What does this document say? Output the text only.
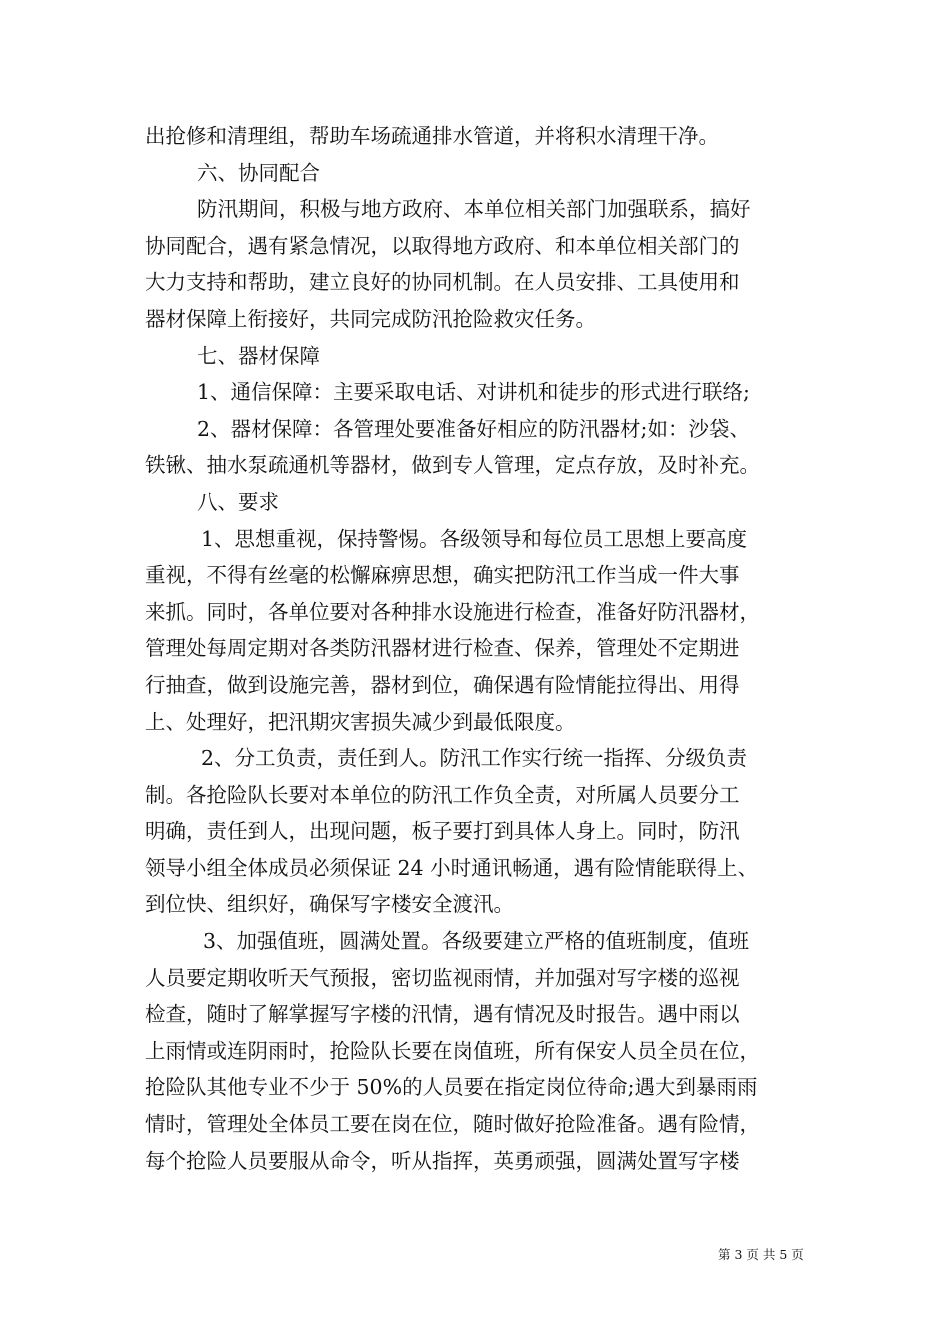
出抢修和清理组，帮助车场疏通排水管道，并将积水清理干净。
六、协同配合
防汛期间，积极与地方政府、本单位相关部门加强联系，搞好
协同配合，遇有紧急情况，以取得地方政府、和本单位相关部门的
大力支持和帮助，建立良好的协同机制。在人员安排、工具使用和
器材保障上衔接好，共同完成防汛抢险救灾任务。
七、器材保障
1、通信保障：主要采取电话、对讲机和徒步的形式进行联络;
2、器材保障：各管理处要准备好相应的防汛器材;如：沙袋、
铁锹、抽水泵疏通机等器材，做到专人管理，定点存放，及时补充。
八、要求
1、思想重视，保持警惕。各级领导和每位员工思想上要高度
重视，不得有丝毫的松懈麻痹思想，确实把防汛工作当成一件大事
来抓。同时，各单位要对各种排水设施进行检查，准备好防汛器材，
管理处每周定期对各类防汛器材进行检查、保养，管理处不定期进
行抽查，做到设施完善，器材到位，确保遇有险情能拉得出、用得
上、处理好，把汛期灾害损失减少到最低限度。
2、分工负责，责任到人。防汛工作实行统一指挥、分级负责
制。各抢险队长要对本单位的防汛工作负全责，对所属人员要分工
明确，责任到人，出现问题，板子要打到具体人身上。同时，防汛
领导小组全体成员必须保证 24 小时通讯畅通，遇有险情能联得上、
到位快、组织好，确保写字楼安全渡汛。
3、加强值班，圆满处置。各级要建立严格的值班制度，值班
人员要定期收听天气预报，密切监视雨情，并加强对写字楼的巡视
检查，随时了解掌握写字楼的汛情，遇有情况及时报告。遇中雨以
上雨情或连阴雨时，抢险队长要在岗值班，所有保安人员全员在位，
抢险队其他专业不少于 50%的人员要在指定岗位待命;遇大到暴雨雨
情时，管理处全体员工要在岗在位，随时做好抢险准备。遇有险情，
每个抢险人员要服从命令，听从指挥，英勇顽强，圆满处置写字楼
第 3 页 共 5 页
